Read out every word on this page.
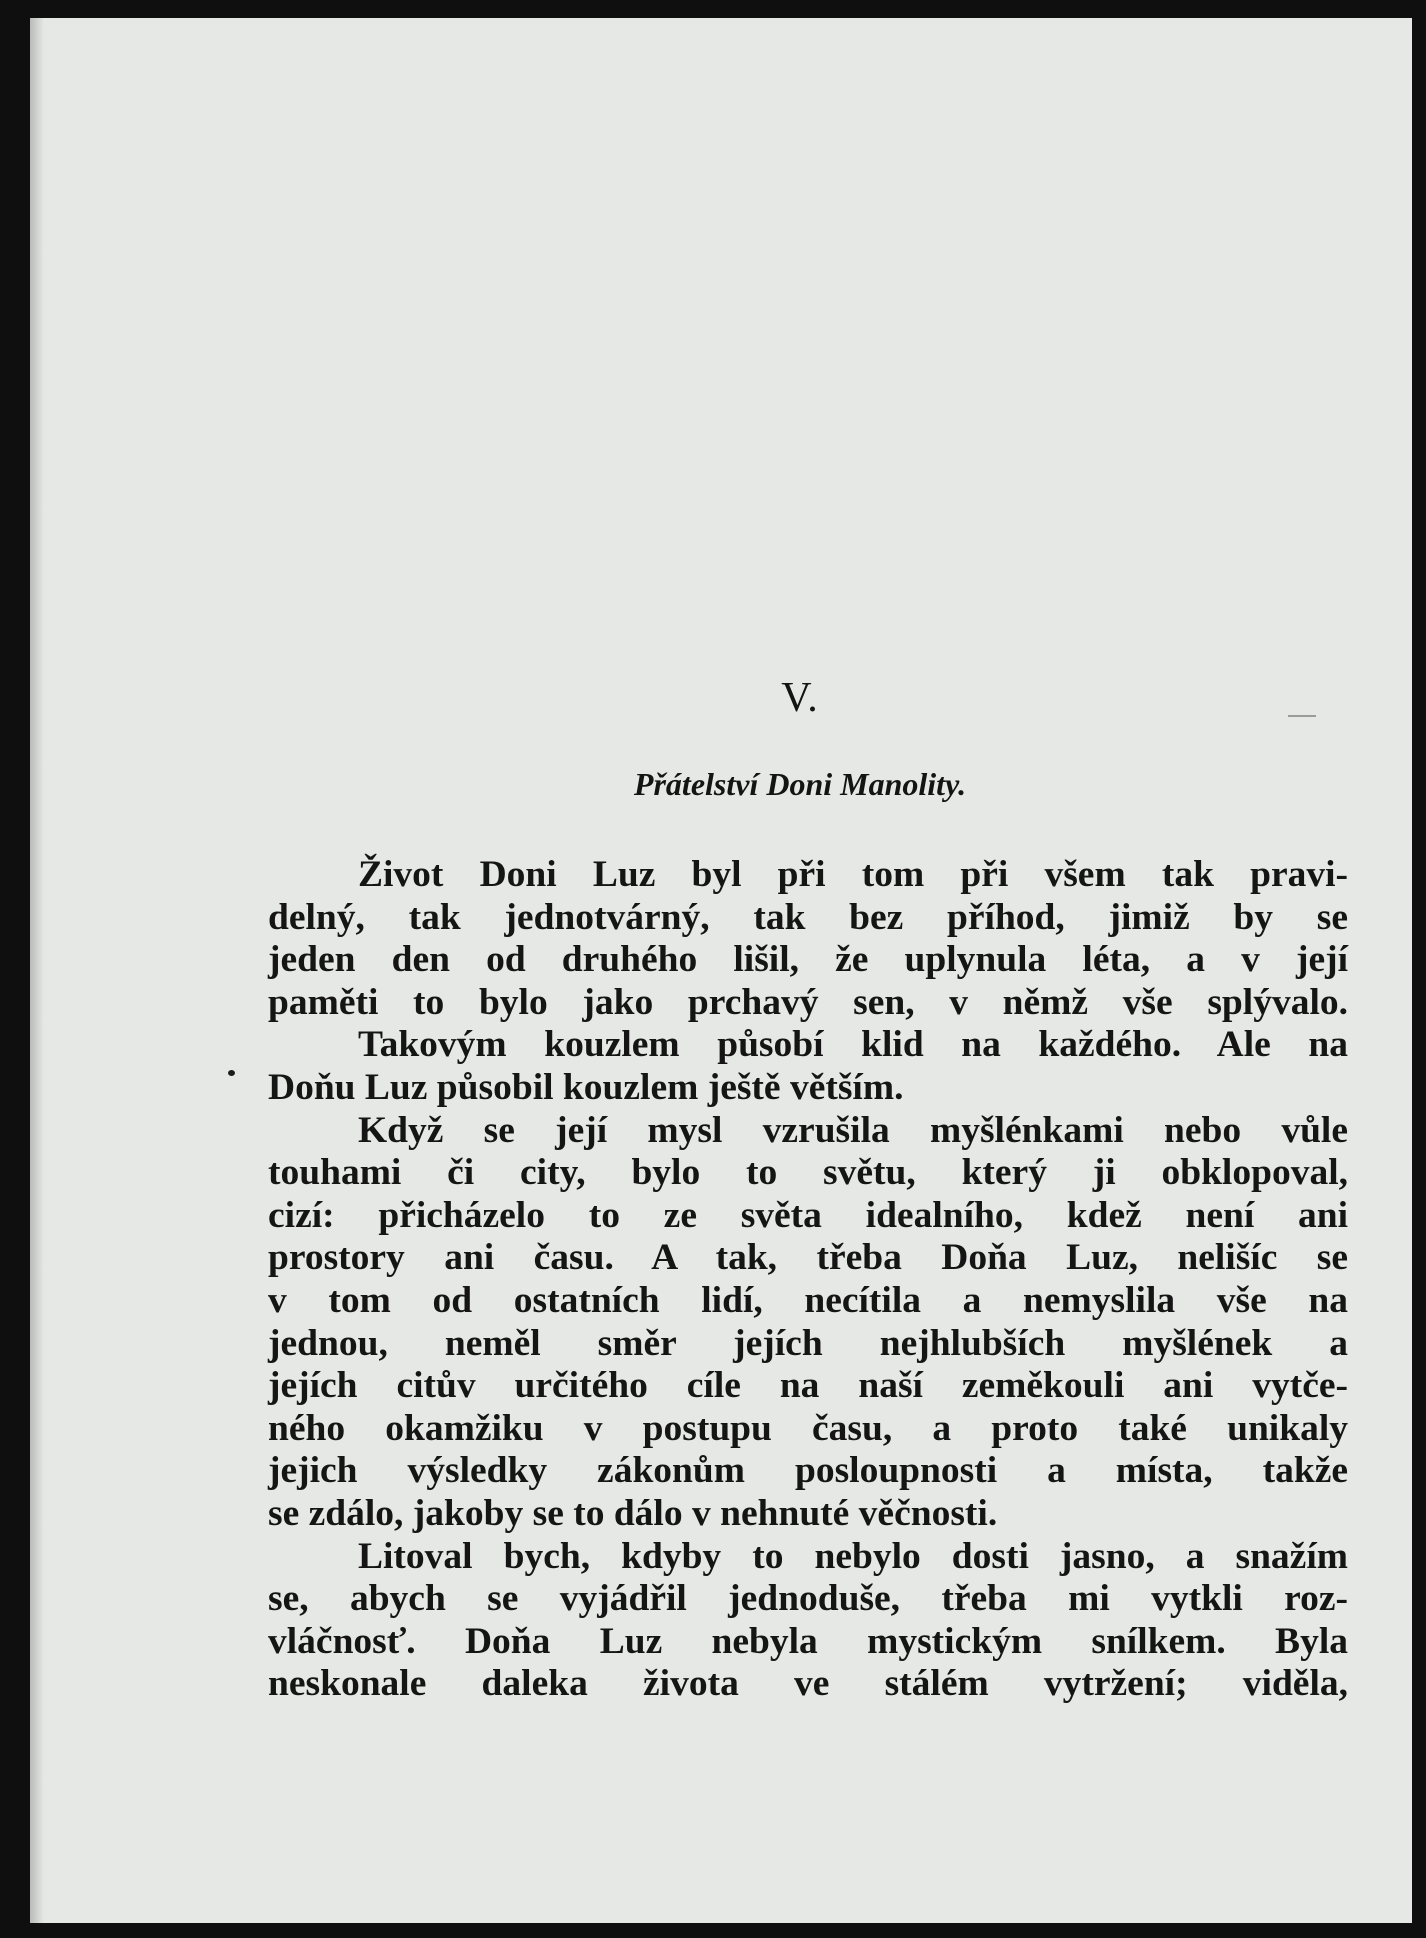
V.
Přátelství Doni Manolity.
Život Doni Luz byl při tom při všem tak pravi-
delný, tak jednotvárný, tak bez příhod, jimiž by se
jeden den od druhého lišil, že uplynula léta, a v její
paměti to bylo jako prchavý sen, v němž vše splývalo.
Takovým kouzlem působí klid na každého. Ale na
Doňu Luz působil kouzlem ještě větším.
Když se její mysl vzrušila myšlénkami nebo vůle
touhami či city, bylo to světu, který ji obklopoval,
cizí: přicházelo to ze světa idealního, kdež není ani
prostory ani času. A tak, třeba Doňa Luz, nelišíc se
v tom od ostatních lidí, necítila a nemyslila vše na
jednou, neměl směr jejích nejhlubších myšlének a
jejích citův určitého cíle na naší zeměkouli ani vytče-
ného okamžiku v postupu času, a proto také unikaly
jejich výsledky zákonům posloupnosti a místa, takže
se zdálo, jakoby se to dálo v nehnuté věčnosti.
Litoval bych, kdyby to nebylo dosti jasno, a snažím
se, abych se vyjádřil jednoduše, třeba mi vytkli roz-
vláčnosť. Doňa Luz nebyla mystickým snílkem. Byla
neskonale daleka života ve stálém vytržení; viděla,
